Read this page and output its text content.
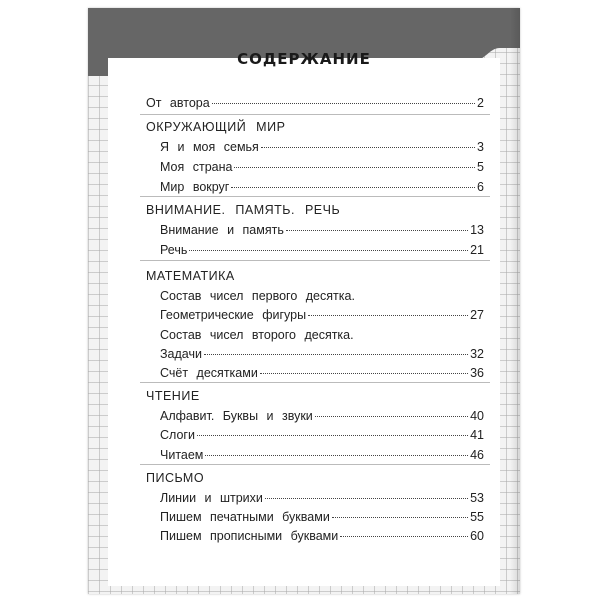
СОДЕРЖАНИЕ
От автора	2
ОКРУЖАЮЩИЙ МИР
Я и моя семья	3
Моя страна	5
Мир вокруг	6
ВНИМАНИЕ. ПАМЯТЬ. РЕЧЬ
Внимание и память	13
Речь	21
МАТЕМАТИКА
Состав чисел первого десятка.
Геометрические фигуры	27
Состав чисел второго десятка.
Задачи	32
Счёт десятками	36
ЧТЕНИЕ
Алфавит. Буквы и звуки	40
Слоги	41
Читаем	46
ПИСЬМО
Линии и штрихи	53
Пишем печатными буквами	55
Пишем прописными буквами	60
